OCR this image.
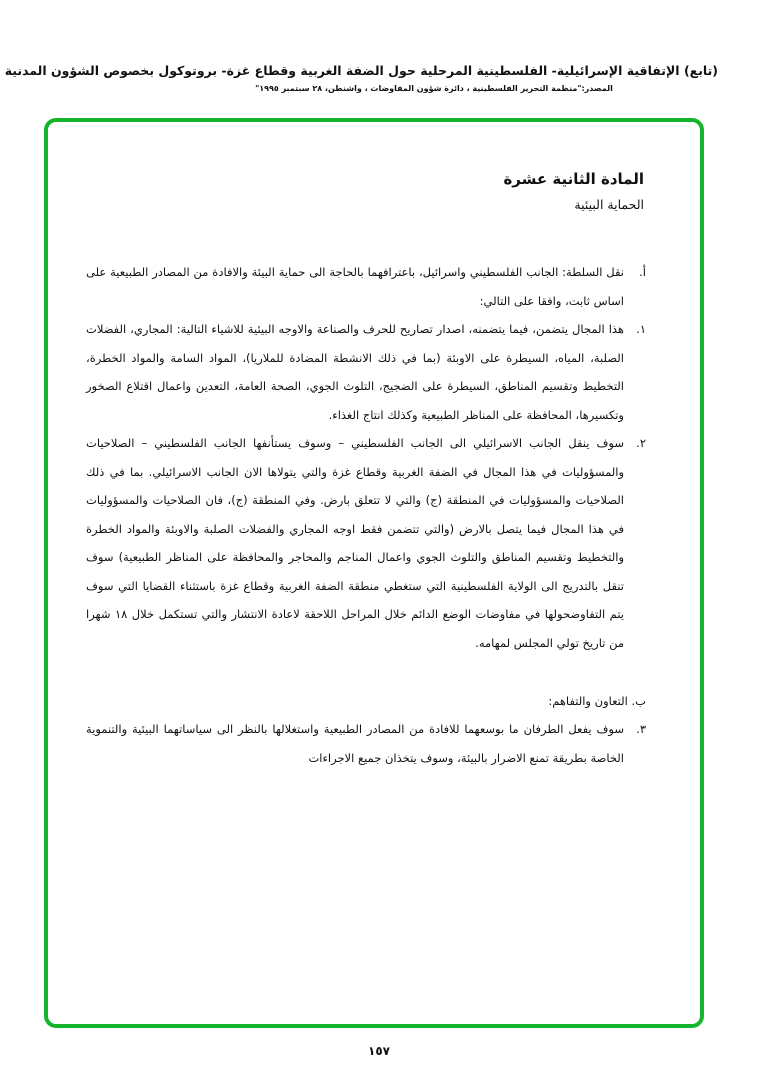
(تابع) الإتفاقية الإسرائيلية- الفلسطينية المرحلية حول الضفة الغربية وقطاع غزة- بروتوكول بخصوص الشؤون المدنية
المصدر:"منظمة التحرير الفلسطينية ، دائرة شؤون المفاوضات ، واشنطن، ٢٨ سبتمبر ١٩٩٥"
المادة الثانية عشرة
الحماية البيئية
أ.
نقل السلطة: الجانب الفلسطيني واسرائيل، باعترافهما بالحاجة الى حماية البيئة والافادة من المصادر الطبيعية على اساس ثابت، وافقا على التالي:
١.
هذا المجال يتضمن، فيما يتضمنه، اصدار تصاريح للحرف والصناعة والاوجه البيئية للاشياء التالية: المجاري، الفضلات الصلبة، المياه، السيطرة على الاوبئة (بما في ذلك الانشطة المضادة للملاريا)، المواد السامة والمواد الخطرة، التخطيط وتقسيم المناطق، السيطرة على الضجيج، التلوث الجوي، الصحة العامة، التعدين واعمال اقتلاع الصخور وتكسيرها، المحافظة على المناظر الطبيعية وكذلك انتاج الغذاء.
٢.
سوف ينقل الجانب الاسرائيلي الى الجانب الفلسطيني – وسوف يستأنفها الجانب الفلسطيني – الصلاحيات والمسؤوليات في هذا المجال في الضفة الغربية وقطاع غزة والتي يتولاها الان الجانب الاسرائيلي. بما في ذلك الصلاحيات والمسؤوليات في المنطقة (ج) والتي لا تتعلق بارض. وفي المنطقة (ج)، فان الصلاحيات والمسؤوليات في هذا المجال فيما يتصل بالارض (والتي تتضمن فقط اوجه المجاري والفضلات الصلبة والاوبئة والمواد الخطرة والتخطيط وتقسيم المناطق والتلوث الجوي واعمال المناجم والمحاجر والمحافظة على المناظر الطبيعية) سوف تنقل بالتدريج الى الولاية الفلسطينية التي ستغطي منطقة الضفة الغربية وقطاع غزة باستثناء القضايا التي سوف يتم التفاوضحولها في مفاوضات الوضع الدائم خلال المراحل اللاحقة لاعادة الانتشار والتي تستكمل خلال ١٨ شهرا من تاريخ تولي المجلس لمهامه.
ب. التعاون والتفاهم:
٣.
سوف يفعل الطرفان ما بوسعهما للافادة من المصادر الطبيعية واستغلالها بالنظر الى سياساتهما البيئية والتنموية الخاصة بطريقة تمنع الاضرار بالبيئة، وسوف يتخذان جميع الاجراءات
١٥٧
